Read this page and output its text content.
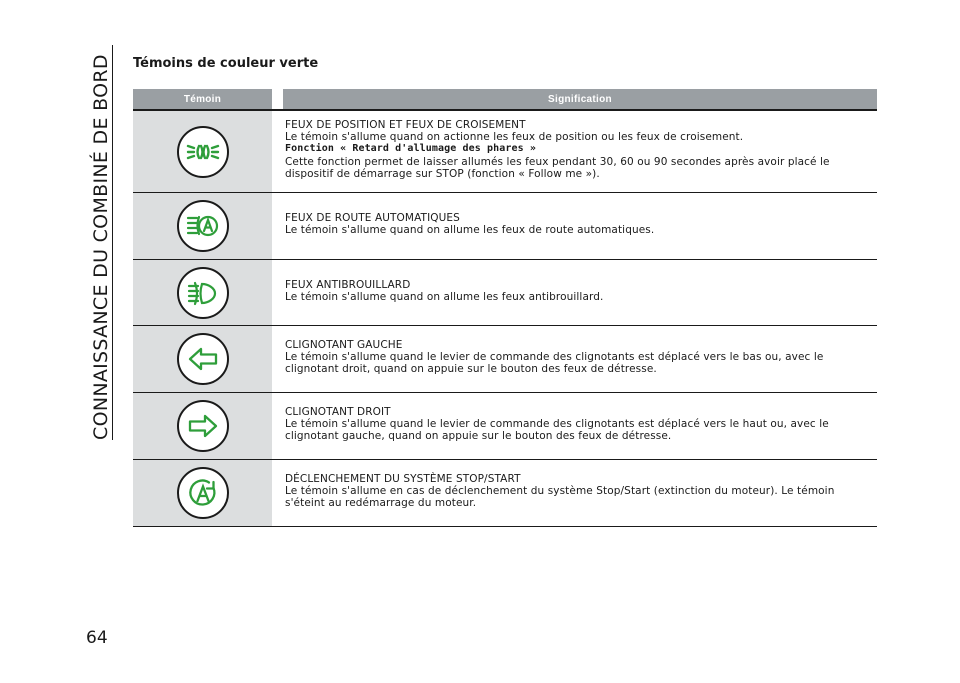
CONNAISSANCE DU COMBINÉ DE BORD
64
Témoins de couleur verte
Témoin	Signification

FEUX DE POSITION ET FEUX DE CROISEMENT

Le témoin s'allume quand on actionne les feux de position ou les feux de croisement.

Fonction « Retard d'allumage des phares »

Cette fonction permet de laisser allumés les feux pendant 30, 60 ou 90 secondes après avoir placé le dispositif de démarrage sur STOP (fonction « Follow me »).

FEUX DE ROUTE AUTOMATIQUES

Le témoin s'allume quand on allume les feux de route automatiques.

FEUX ANTIBROUILLARD

Le témoin s'allume quand on allume les feux antibrouillard.

CLIGNOTANT GAUCHE

Le témoin s'allume quand le levier de commande des clignotants est déplacé vers le bas ou, avec le clignotant droit, quand on appuie sur le bouton des feux de détresse.

CLIGNOTANT DROIT

Le témoin s'allume quand le levier de commande des clignotants est déplacé vers le haut ou, avec le clignotant gauche, quand on appuie sur le bouton des feux de détresse.

DÉCLENCHEMENT DU SYSTÈME STOP/START

Le témoin s'allume en cas de déclenchement du système Stop/Start (extinction du moteur). Le témoin s'éteint au redémarrage du moteur.
